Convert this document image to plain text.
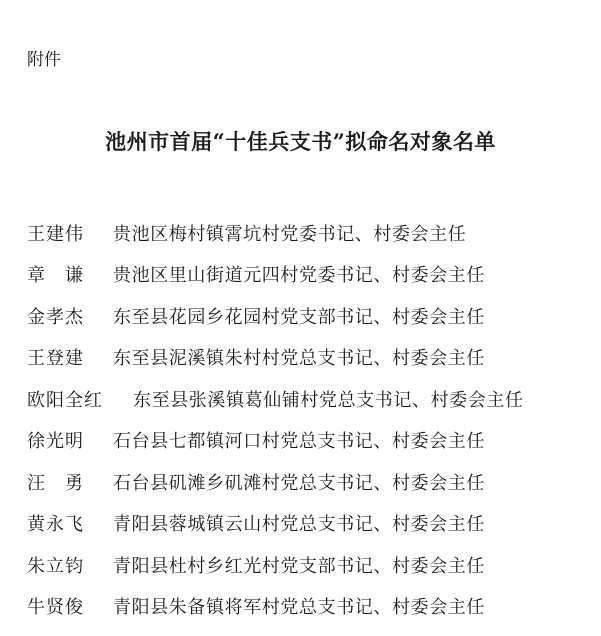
附件
池州市首届“十佳兵支书”拟命名对象名单
王建伟	贵池区梅村镇霄坑村党委书记、村委会主任
章　谦	贵池区里山街道元四村党委书记、村委会主任
金孝杰	东至县花园乡花园村党支部书记、村委会主任
王登建	东至县泥溪镇朱村村党总支书记、村委会主任
欧阳全红	东至县张溪镇葛仙铺村党总支书记、村委会主任
徐光明	石台县七都镇河口村党总支书记、村委会主任
汪　勇	石台县矶滩乡矶滩村党总支书记、村委会主任
黄永飞	青阳县蓉城镇云山村党总支书记、村委会主任
朱立钧	青阳县杜村乡红光村党支部书记、村委会主任
牛贤俊	青阳县朱备镇将军村党总支书记、村委会主任
